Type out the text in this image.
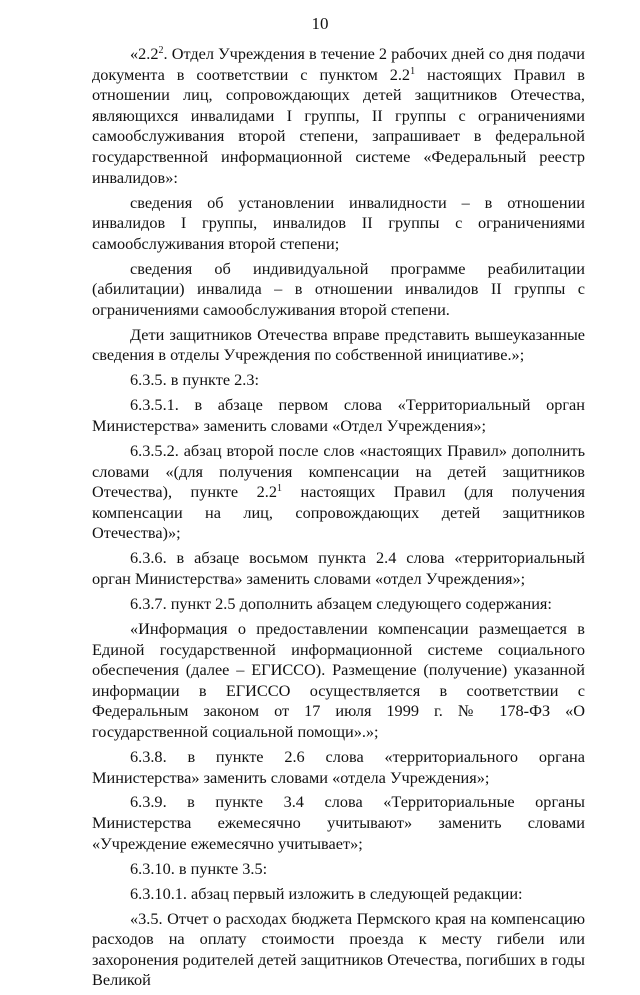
10

«$2.2^2$. Отдел Учреждения в течение 2 рабочих дней со дня подачи документа в соответствии с пунктом $2.2^1$ настоящих Правил в отношении лиц, сопровождающих детей защитников Отечества, являющихся инвалидами I группы, II группы с ограничениями самообслуживания второй степени, запрашивает в федеральной государственной информационной системе «Федеральный реестр инвалидов»:

сведения об установлении инвалидности – в отношении инвалидов I группы, инвалидов II группы с ограничениями самообслуживания второй степени;

сведения об индивидуальной программе реабилитации (абилитации) инвалида – в отношении инвалидов II группы с ограничениями самообслуживания второй степени.

Дети защитников Отечества вправе представить вышеуказанные сведения в отделы Учреждения по собственной инициативе.»;

6.3.5. в пункте 2.3:

6.3.5.1. в абзаце первом слова «Территориальный орган Министерства» заменить словами «Отдел Учреждения»;

6.3.5.2. абзац второй после слов «настоящих Правил» дополнить словами «(для получения компенсации на детей защитников Отечества), пункте $2.2^1$ настоящих Правил (для получения компенсации на лиц, сопровождающих детей защитников Отечества)»;

6.3.6. в абзаце восьмом пункта 2.4 слова «территориальный орган Министерства» заменить словами «отдел Учреждения»;

6.3.7. пункт 2.5 дополнить абзацем следующего содержания:

«Информация о предоставлении компенсации размещается в Единой государственной информационной системе социального обеспечения (далее – ЕГИССО). Размещение (получение) указанной информации в ЕГИССО осуществляется в соответствии с Федеральным законом от 17 июля 1999 г. № 178-ФЗ «О государственной социальной помощи».»;

6.3.8. в пункте 2.6 слова «территориального органа Министерства» заменить словами «отдела Учреждения»;

6.3.9. в пункте 3.4 слова «Территориальные органы Министерства ежемесячно учитывают» заменить словами «Учреждение ежемесячно учитывает»;

6.3.10. в пункте 3.5:

6.3.10.1. абзац первый изложить в следующей редакции:

«3.5. Отчет о расходах бюджета Пермского края на компенсацию расходов на оплату стоимости проезда к месту гибели или захоронения родителей детей защитников Отечества, погибших в годы Великой
